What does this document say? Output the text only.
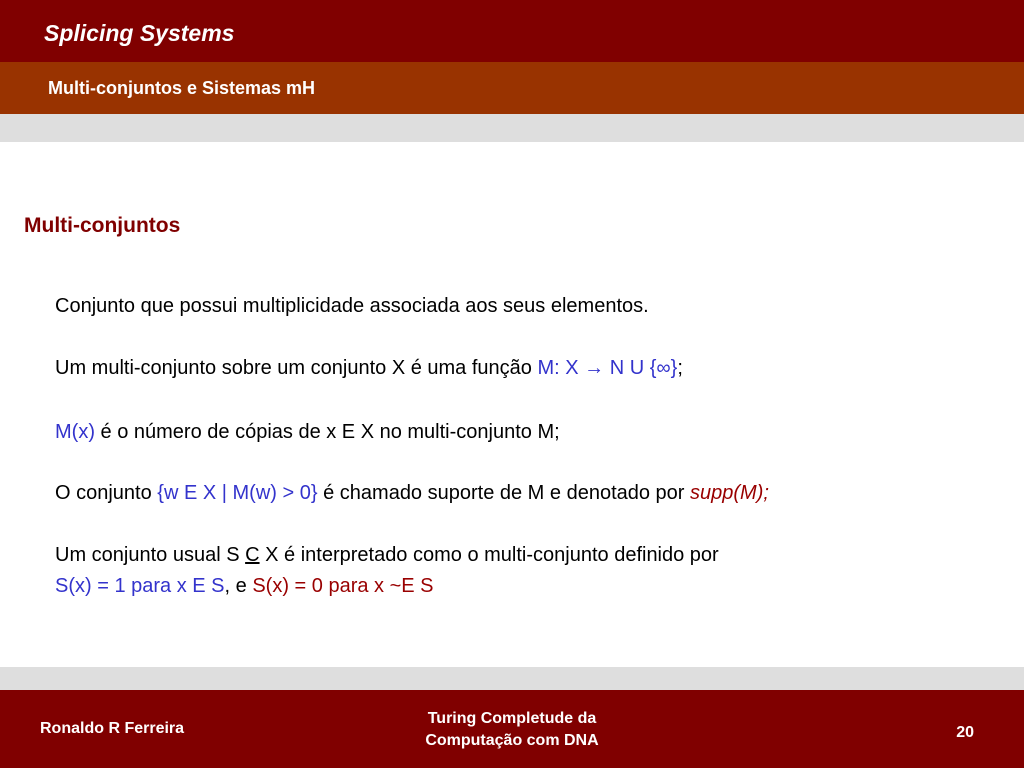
Splicing Systems
Multi-conjuntos e Sistemas mH
Multi-conjuntos
Conjunto que possui multiplicidade associada aos seus elementos.
Um multi-conjunto sobre um conjunto X é uma função M: X → N U {∞};
M(x) é o número de cópias de x E X no multi-conjunto M;
O conjunto {w E X | M(w) > 0} é chamado suporte de M e denotado por supp(M);
Um conjunto usual S C X é interpretado como o multi-conjunto definido por
S(x) = 1 para x E S, e S(x) = 0 para x ~E S
Ronaldo R Ferreira
Turing Completude da
Computação com DNA	20
